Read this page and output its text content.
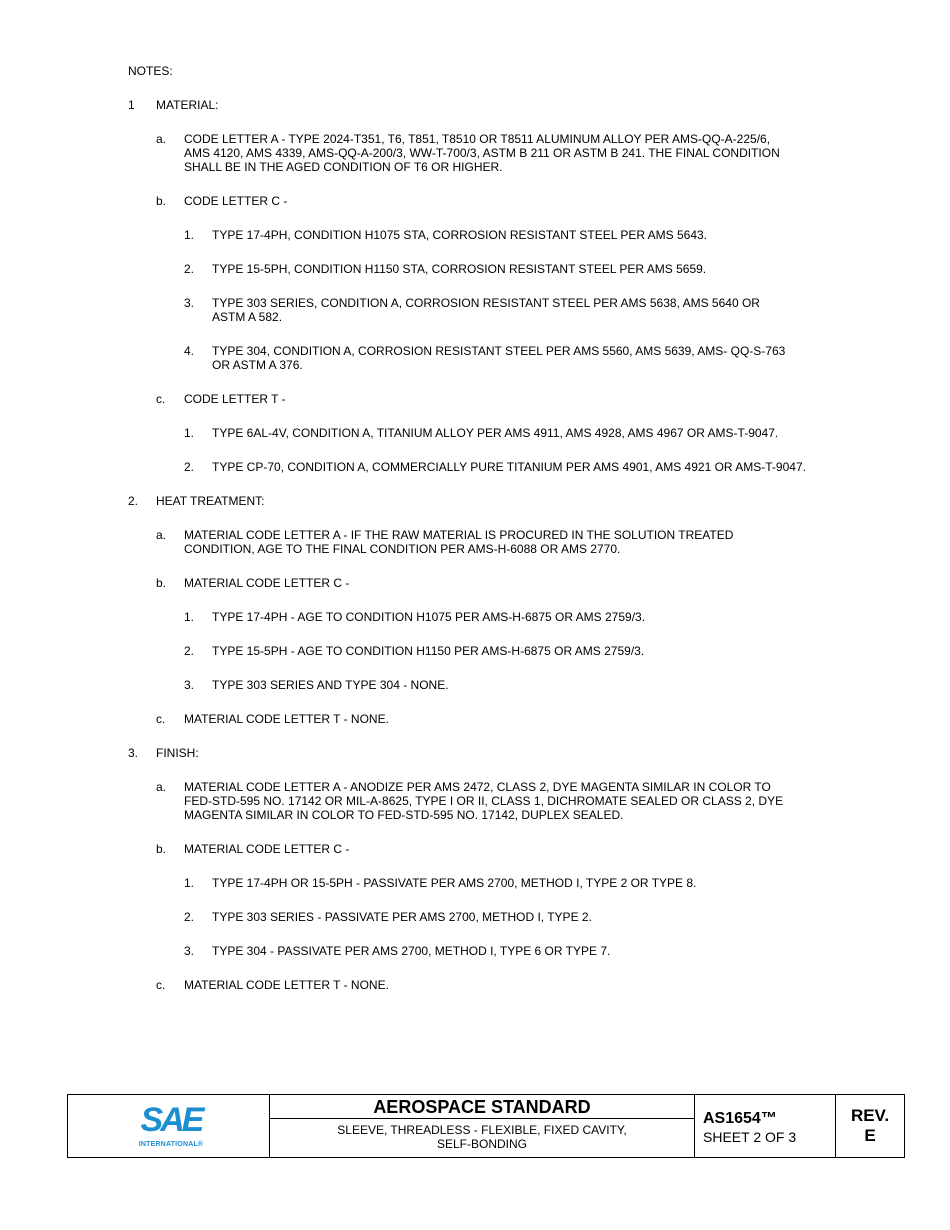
NOTES:
1 MATERIAL:
a. CODE LETTER A - TYPE 2024-T351, T6, T851, T8510 OR T8511 ALUMINUM ALLOY PER AMS-QQ-A-225/6,
AMS 4120, AMS 4339, AMS-QQ-A-200/3, WW-T-700/3, ASTM B 211 OR ASTM B 241. THE FINAL CONDITION
SHALL BE IN THE AGED CONDITION OF T6 OR HIGHER.
b. CODE LETTER C -
1. TYPE 17-4PH, CONDITION H1075 STA, CORROSION RESISTANT STEEL PER AMS 5643.
2. TYPE 15-5PH, CONDITION H1150 STA, CORROSION RESISTANT STEEL PER AMS 5659.
3. TYPE 303 SERIES, CONDITION A, CORROSION RESISTANT STEEL PER AMS 5638, AMS 5640 OR
ASTM A 582.
4. TYPE 304, CONDITION A, CORROSION RESISTANT STEEL PER AMS 5560, AMS 5639, AMS- QQ-S-763
OR ASTM A 376.
c. CODE LETTER T -
1. TYPE 6AL-4V, CONDITION A, TITANIUM ALLOY PER AMS 4911, AMS 4928, AMS 4967 OR AMS-T-9047.
2. TYPE CP-70, CONDITION A, COMMERCIALLY PURE TITANIUM PER AMS 4901, AMS 4921 OR AMS-T-9047.
2. HEAT TREATMENT:
a. MATERIAL CODE LETTER A - IF THE RAW MATERIAL IS PROCURED IN THE SOLUTION TREATED
CONDITION, AGE TO THE FINAL CONDITION PER AMS-H-6088 OR AMS 2770.
b. MATERIAL CODE LETTER C -
1. TYPE 17-4PH - AGE TO CONDITION H1075 PER AMS-H-6875 OR AMS 2759/3.
2. TYPE 15-5PH - AGE TO CONDITION H1150 PER AMS-H-6875 OR AMS 2759/3.
3. TYPE 303 SERIES AND TYPE 304 - NONE.
c. MATERIAL CODE LETTER T - NONE.
3. FINISH:
a. MATERIAL CODE LETTER A - ANODIZE PER AMS 2472, CLASS 2, DYE MAGENTA SIMILAR IN COLOR TO
FED-STD-595 NO. 17142 OR MIL-A-8625, TYPE I OR II, CLASS 1, DICHROMATE SEALED OR CLASS 2, DYE
MAGENTA SIMILAR IN COLOR TO FED-STD-595 NO. 17142, DUPLEX SEALED.
b. MATERIAL CODE LETTER C -
1. TYPE 17-4PH OR 15-5PH - PASSIVATE PER AMS 2700, METHOD I, TYPE 2 OR TYPE 8.
2. TYPE 303 SERIES - PASSIVATE PER AMS 2700, METHOD I, TYPE 2.
3. TYPE 304 - PASSIVATE PER AMS 2700, METHOD I, TYPE 6 OR TYPE 7.
c. MATERIAL CODE LETTER T - NONE.
SAE
INTERNATIONAL®
AEROSPACE STANDARD
SLEEVE, THREADLESS - FLEXIBLE, FIXED CAVITY,
SELF-BONDING
AS1654™
SHEET 2 OF 3
REV.
E
